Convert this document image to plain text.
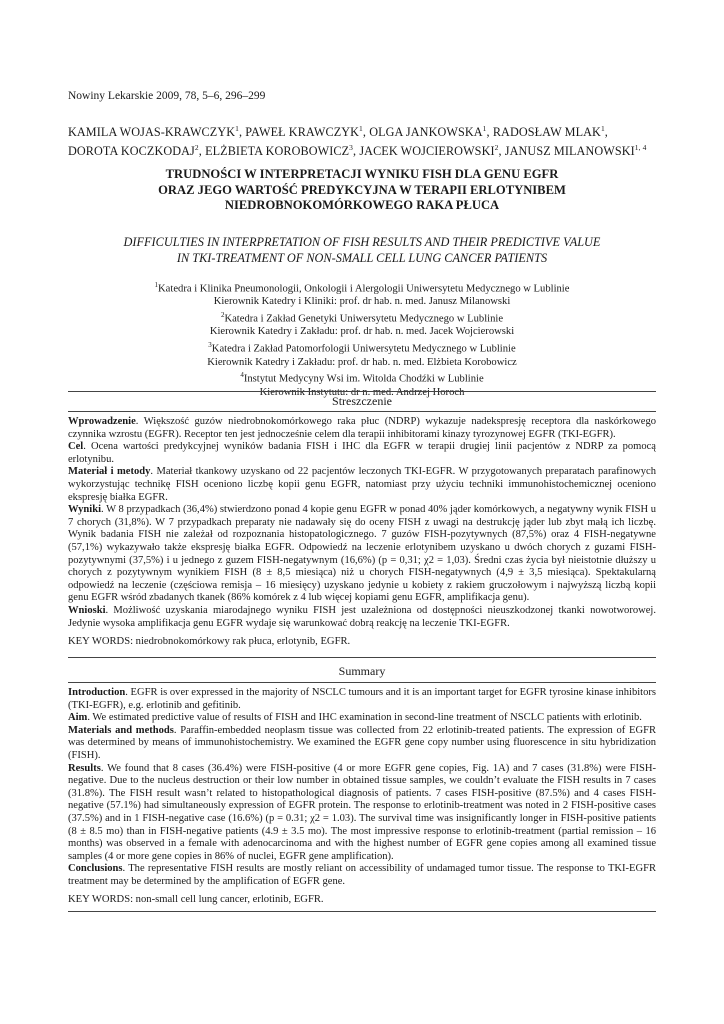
Nowiny Lekarskie 2009, 78, 5–6, 296–299
KAMILA WOJAS-KRAWCZYK$^1$, PAWEŁ KRAWCZYK$^1$, OLGA JANKOWSKA$^1$, RADOSŁAW MLAK$^1$,
DOROTA KOCZKODAJ$^2$, ELŻBIETA KOROBOWICZ$^3$, JACEK WOJCIEROWSKI$^2$, JANUSZ MILANOWSKI$^{1, 4}$
TRUDNOŚCI W INTERPRETACJI WYNIKU FISH DLA GENU EGFR
ORAZ JEGO WARTOŚĆ PREDYKCYJNA W TERAPII ERLOTYNIBEM
NIEDROBNOKOMÓRKOWEGO RAKA PŁUCA
DIFFICULTIES IN INTERPRETATION OF FISH RESULTS AND THEIR PREDICTIVE VALUE
IN TKI-TREATMENT OF NON-SMALL CELL LUNG CANCER PATIENTS
$^1$Katedra i Klinika Pneumonologii, Onkologii i Alergologii Uniwersytetu Medycznego w Lublinie
Kierownik Katedry i Kliniki: prof. dr hab. n. med. Janusz Milanowski
$^2$Katedra i Zakład Genetyki Uniwersytetu Medycznego w Lublinie
Kierownik Katedry i Zakładu: prof. dr hab. n. med. Jacek Wojcierowski
$^3$Katedra i Zakład Patomorfologii Uniwersytetu Medycznego w Lublinie
Kierownik Katedry i Zakładu: prof. dr hab. n. med. Elżbieta Korobowicz
$^4$Instytut Medycyny Wsi im. Witolda Chodźki w Lublinie
Kierownik Instytutu: dr n. med. Andrzej Horoch
Streszczenie

Wprowadzenie. Większość guzów niedrobnokomórkowego raka płuc (NDRP) wykazuje nadekspresję receptora dla naskórkowego czynnika wzrostu (EGFR). Receptor ten jest jednocześnie celem dla terapii inhibitorami kinazy tyrozynowej EGFR (TKI-EGFR).

Cel. Ocena wartości predykcyjnej wyników badania FISH i IHC dla EGFR w terapii drugiej linii pacjentów z NDRP za pomocą erlotynibu.

Materiał i metody. Materiał tkankowy uzyskano od 22 pacjentów leczonych TKI-EGFR. W przygotowanych preparatach parafinowych wykorzystując technikę FISH oceniono liczbę kopii genu EGFR, natomiast przy użyciu techniki immunohistochemicznej oceniono ekspresję białka EGFR.

Wyniki. W 8 przypadkach (36,4%) stwierdzono ponad 4 kopie genu EGFR w ponad 40% jąder komórkowych, a negatywny wynik FISH u 7 chorych (31,8%). W 7 przypadkach preparaty nie nadawały się do oceny FISH z uwagi na destrukcję jąder lub zbyt małą ich liczbę. Wynik badania FISH nie zależał od rozpoznania histopatologicznego. 7 guzów FISH-pozytywnych (87,5%) oraz 4 FISH-negatywne (57,1%) wykazywało także ekspresję białka EGFR. Odpowiedź na leczenie erlotynibem uzyskano u dwóch chorych z guzami FISH-pozytywnymi (37,5%) i u jednego z guzem FISH-negatywnym (16,6%) (p = 0,31; χ2 = 1,03). Średni czas życia był nieistotnie dłuższy u chorych z pozytywnym wynikiem FISH (8 ± 8,5 miesiąca) niż u chorych FISH-negatywnych (4,9 ± 3,5 miesiąca). Spektakularną odpowiedź na leczenie (częściowa remisja – 16 miesięcy) uzyskano jedynie u kobiety z rakiem gruczołowym i najwyższą liczbą kopii genu EGFR wśród zbadanych tkanek (86% komórek z 4 lub więcej kopiami genu EGFR, amplifikacja genu).

Wnioski. Możliwość uzyskania miarodajnego wyniku FISH jest uzależniona od dostępności nieuszkodzonej tkanki nowotworowej. Jedynie wysoka amplifikacja genu EGFR wydaje się warunkować dobrą reakcję na leczenie TKI-EGFR.

KEY WORDS: niedrobnokomórkowy rak płuca, erlotynib, EGFR.
Summary

Introduction. EGFR is over expressed in the majority of NSCLC tumours and it is an important target for EGFR tyrosine kinase inhibitors (TKI-EGFR), e.g. erlotinib and gefitinib.

Aim. We estimated predictive value of results of FISH and IHC examination in second-line treatment of NSCLC patients with erlotinib.

Materials and methods. Paraffin-embedded neoplasm tissue was collected from 22 erlotinib-treated patients. The expression of EGFR was determined by means of immunohistochemistry. We examined the EGFR gene copy number using fluorescence in situ hybridization (FISH).

Results. We found that 8 cases (36.4%) were FISH-positive (4 or more EGFR gene copies, Fig. 1A) and 7 cases (31.8%) were FISH-negative. Due to the nucleus destruction or their low number in obtained tissue samples, we couldn’t evaluate the FISH results in 7 cases (31.8%). The FISH result wasn’t related to histopathological diagnosis of patients. 7 cases FISH-positive (87.5%) and 4 cases FISH-negative (57.1%) had simultaneously expression of EGFR protein. The response to erlotinib-treatment was noted in 2 FISH-positive cases (37.5%) and in 1 FISH-negative case (16.6%) (p = 0.31; χ2 = 1.03). The survival time was insignificantly longer in FISH-positive patients (8 ± 8.5 mo) than in FISH-negative patients (4.9 ± 3.5 mo). The most impressive response to erlotinib-treatment (partial remission – 16 months) was observed in a female with adenocarcinoma and with the highest number of EGFR gene copies among all examined tissue samples (4 or more gene copies in 86% of nuclei, EGFR gene amplification).

Conclusions. The representative FISH results are mostly reliant on accessibility of undamaged tumor tissue. The response to TKI-EGFR treatment may be determined by the amplification of EGFR gene.

KEY WORDS: non-small cell lung cancer, erlotinib, EGFR.
